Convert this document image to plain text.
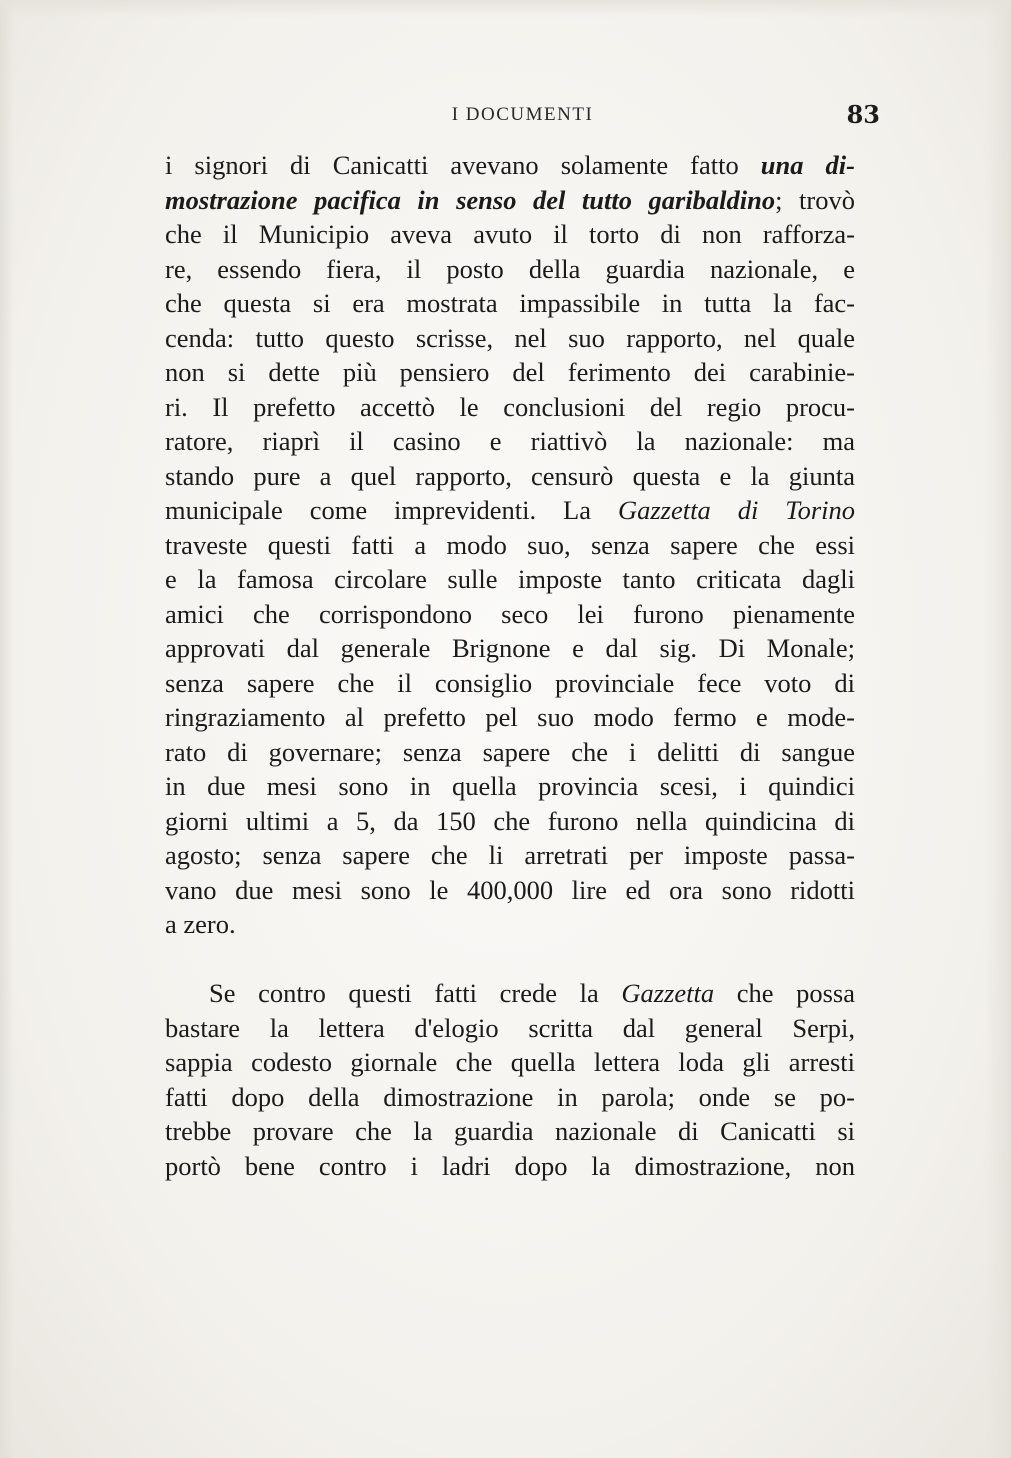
I DOCUMENTI	83
i signori di Canicatti avevano solamente fatto una di-
mostrazione pacifica in senso del tutto garibaldino; trovò
che il Municipio aveva avuto il torto di non rafforza-
re, essendo fiera, il posto della guardia nazionale, e
che questa si era mostrata impassibile in tutta la fac-
cenda: tutto questo scrisse, nel suo rapporto, nel quale
non si dette più pensiero del ferimento dei carabinie-
ri. Il prefetto accettò le conclusioni del regio procu-
ratore, riaprì il casino e riattivò la nazionale: ma
stando pure a quel rapporto, censurò questa e la giunta
municipale come imprevidenti. La Gazzetta di Torino
traveste questi fatti a modo suo, senza sapere che essi
e la famosa circolare sulle imposte tanto criticata dagli
amici che corrispondono seco lei furono pienamente
approvati dal generale Brignone e dal sig. Di Monale;
senza sapere che il consiglio provinciale fece voto di
ringraziamento al prefetto pel suo modo fermo e mode-
rato di governare; senza sapere che i delitti di sangue
in due mesi sono in quella provincia scesi, i quindici
giorni ultimi a 5, da 150 che furono nella quindicina di
agosto; senza sapere che li arretrati per imposte passa-
vano due mesi sono le 400,000 lire ed ora sono ridotti
a zero.
Se contro questi fatti crede la Gazzetta che possa
bastare la lettera d'elogio scritta dal general Serpi,
sappia codesto giornale che quella lettera loda gli arresti
fatti dopo della dimostrazione in parola; onde se po-
trebbe provare che la guardia nazionale di Canicatti si
portò bene contro i ladri dopo la dimostrazione, non
